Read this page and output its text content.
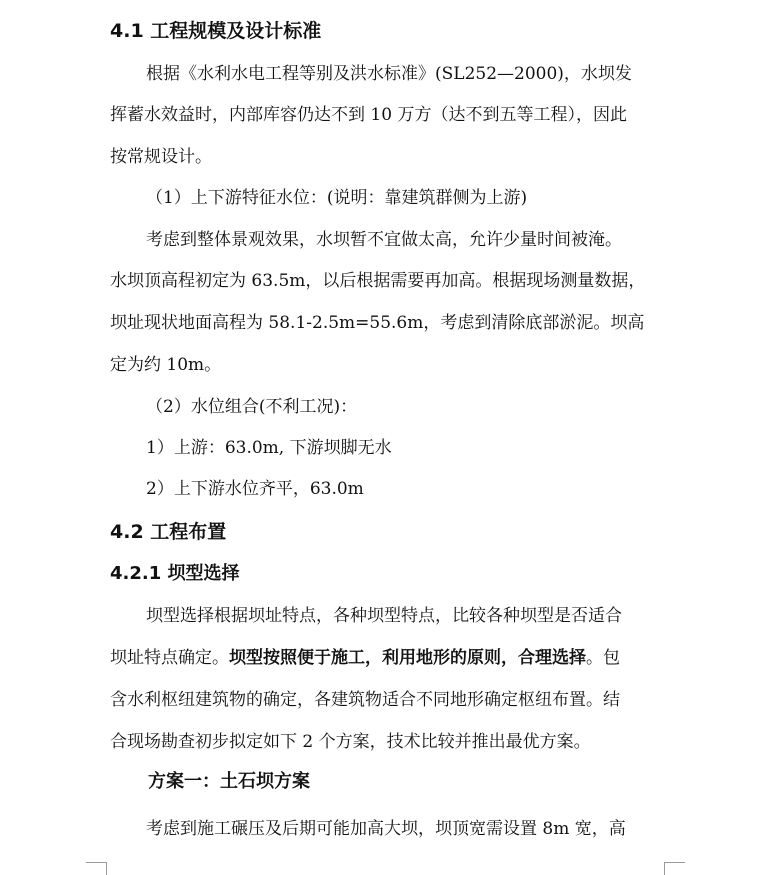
4.1 工程规模及设计标准
根据《水利水电工程等别及洪水标准》(SL252—2000)，水坝发
挥蓄水效益时，内部库容仍达不到 10 万方（达不到五等工程），因此
按常规设计。
（1）上下游特征水位：(说明：靠建筑群侧为上游)
考虑到整体景观效果，水坝暂不宜做太高，允许少量时间被淹。
水坝顶高程初定为 63.5m，以后根据需要再加高。根据现场测量数据，
坝址现状地面高程为 58.1-2.5m=55.6m，考虑到清除底部淤泥。坝高
定为约 10m。
（2）水位组合(不利工况)：
1）上游：63.0m, 下游坝脚无水
2）上下游水位齐平，63.0m
4.2 工程布置
4.2.1 坝型选择
坝型选择根据坝址特点，各种坝型特点，比较各种坝型是否适合
坝址特点确定。坝型按照便于施工，利用地形的原则，合理选择。包
含水利枢纽建筑物的确定，各建筑物适合不同地形确定枢纽布置。结
合现场勘查初步拟定如下 2 个方案，技术比较并推出最优方案。
方案一：土石坝方案
考虑到施工碾压及后期可能加高大坝，坝顶宽需设置 8m 宽，高
